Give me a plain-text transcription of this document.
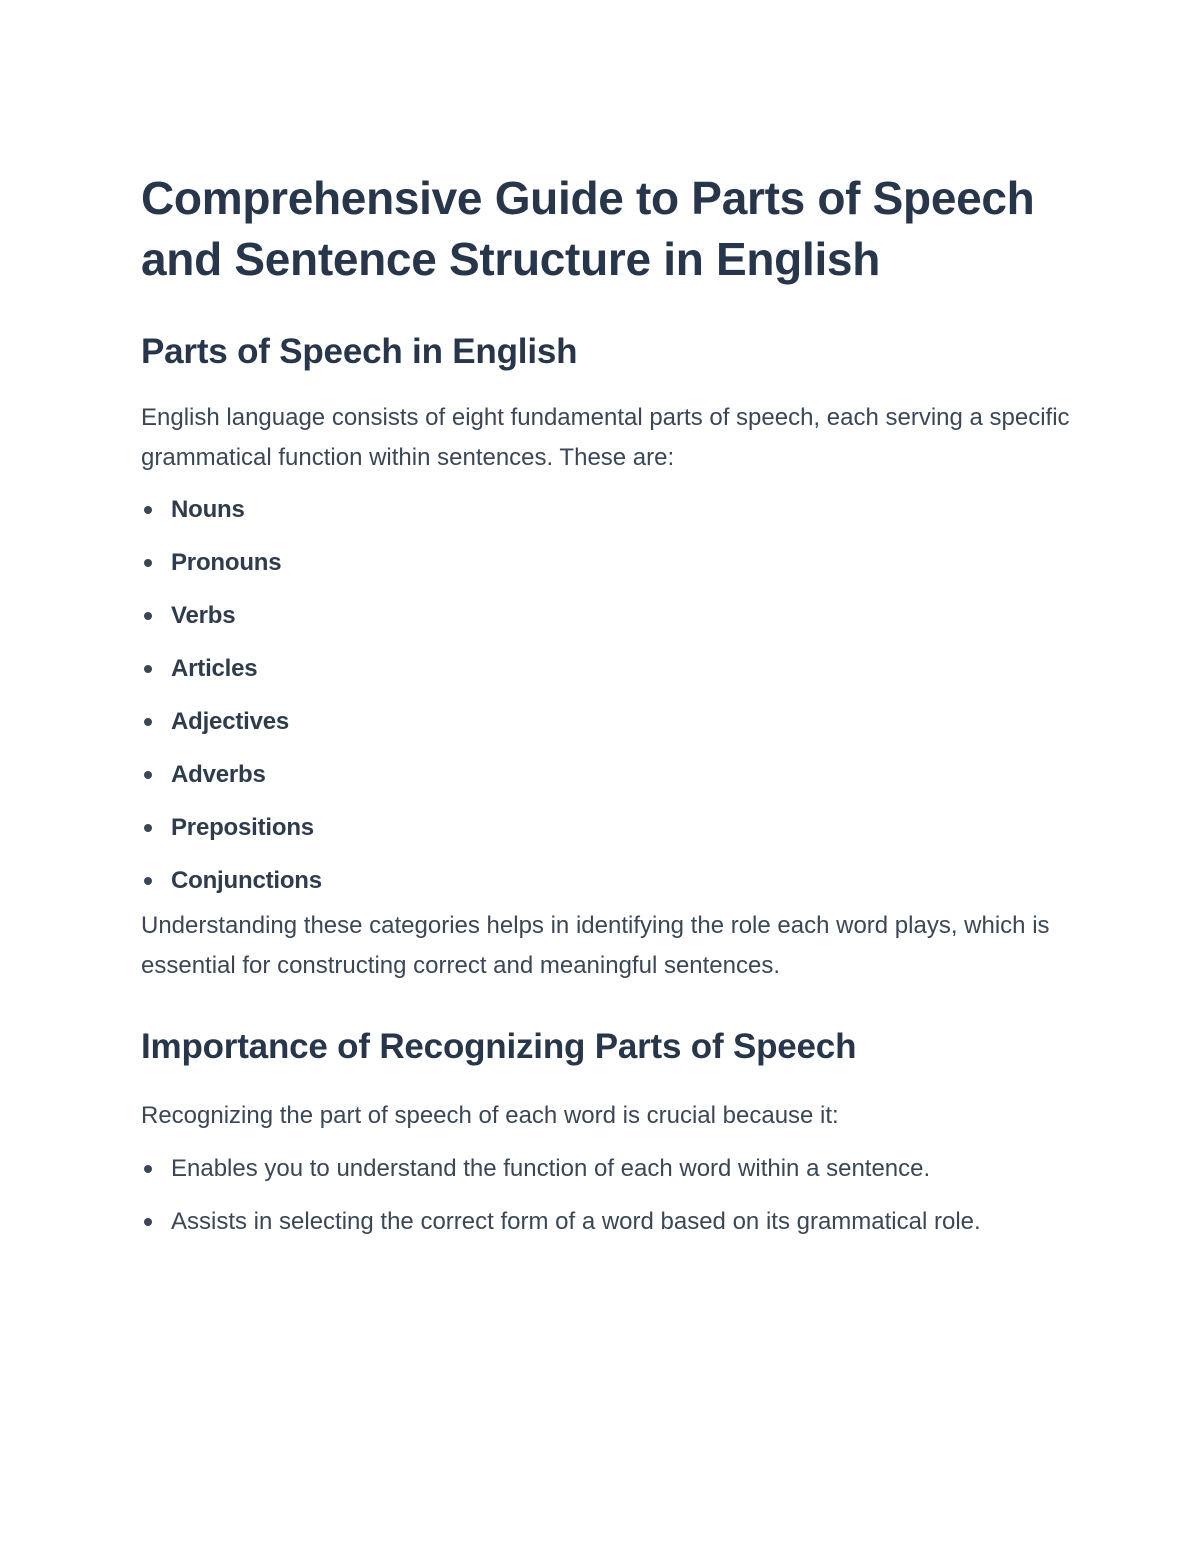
Comprehensive Guide to Parts of Speech and Sentence Structure in English
Parts of Speech in English

English language consists of eight fundamental parts of speech, each serving a specific grammatical function within sentences. These are:

Nouns
Pronouns
Verbs
Articles
Adjectives
Adverbs
Prepositions
Conjunctions

Understanding these categories helps in identifying the role each word plays, which is essential for constructing correct and meaningful sentences.

Importance of Recognizing Parts of Speech

Recognizing the part of speech of each word is crucial because it:

Enables you to understand the function of each word within a sentence.
Assists in selecting the correct form of a word based on its grammatical role.
